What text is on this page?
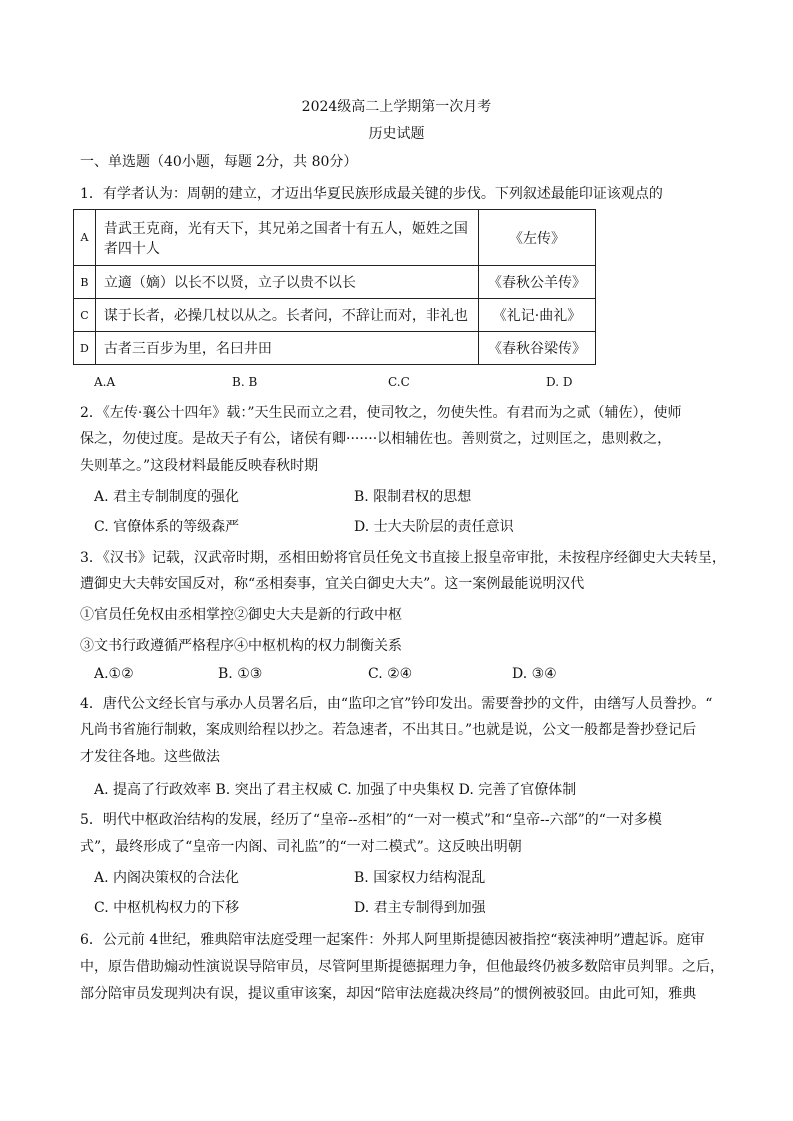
2024级高二上学期第一次月考
历史试题
一、单选题（40小题，每题 2分，共 80分）
1．有学者认为：周朝的建立，才迈出华夏民族形成最关键的步伐。下列叙述最能印证该观点的
A	昔武王克商，光有天下，其兄弟之国者十有五人，姬姓之国
者四十人	《左传》
B	立適（嫡）以长不以贤，立子以贵不以长	《春秋公羊传》
C	谋于长者，必操几杖以从之。长者问，不辞让而对，非礼也	《礼记·曲礼》
D	古者三百步为里，名曰井田	《春秋谷梁传》
A.A	B. B	C.C	D. D
2．《左传·襄公十四年》载：”天生民而立之君，使司牧之，勿使失性。有君而为之贰（辅佐），使师
保之，勿使过度。是故天子有公，诸侯有卿·······以相辅佐也。善则赏之，过则匡之，患则救之，
失则革之。”这段材料最能反映春秋时期
A. 君主专制制度的强化	B. 限制君权的思想
C. 官僚体系的等级森严	D. 士大夫阶层的责任意识
3．《汉书》记载，汉武帝时期，丞相田蚡将官员任免文书直接上报皇帝审批，未按程序经御史大夫转呈，
遭御史大夫韩安国反对，称“丞相奏事，宜关白御史大夫”。这一案例最能说明汉代
①官员任免权由丞相掌控②御史大夫是新的行政中枢
③文书行政遵循严格程序④中枢机构的权力制衡关系
A.①②	B. ①③	C. ②④	D. ③④
4．唐代公文经长官与承办人员署名后，由“监印之官”钤印发出。需要誊抄的文件，由缮写人员誊抄。“
凡尚书省施行制敕，案成则给程以抄之。若急速者，不出其日。”也就是说，公文一般都是誊抄登记后
才发往各地。这些做法
A. 提高了行政效率 B. 突出了君主权威 C. 加强了中央集权 D. 完善了官僚体制
5．明代中枢政治结构的发展，经历了“皇帝--丞相”的“一对一模式”和“皇帝--六部”的“一对多模
式”，最终形成了“皇帝一内阁、司礼监”的“一对二模式”。这反映出明朝
A. 内阁决策权的合法化	B. 国家权力结构混乱
C. 中枢机构权力的下移	D. 君主专制得到加强
6．公元前 4世纪，雅典陪审法庭受理一起案件：外邦人阿里斯提德因被指控“亵渎神明”遭起诉。庭审
中，原告借助煽动性演说误导陪审员，尽管阿里斯提德据理力争，但他最终仍被多数陪审员判罪。之后，
部分陪审员发现判决有误，提议重审该案，却因“陪审法庭裁决终局”的惯例被驳回。由此可知，雅典
